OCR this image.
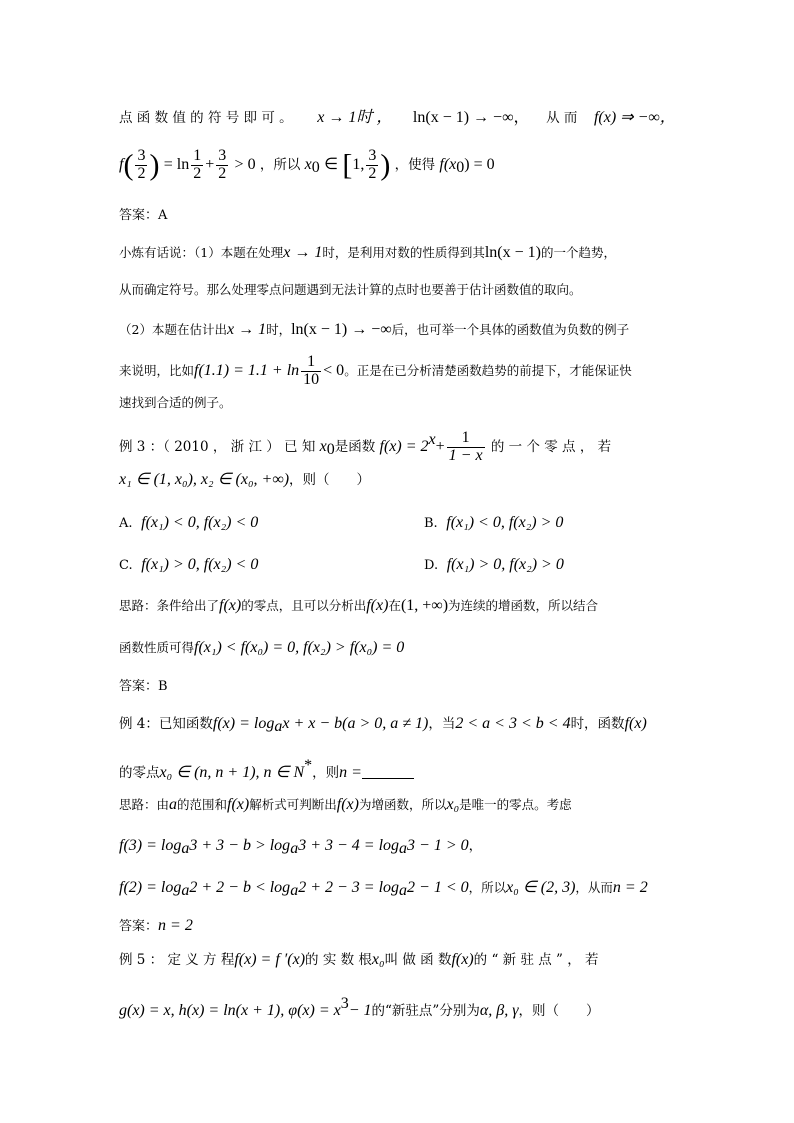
点 函 数 值 的 符 号 即 可 。 x → 1时 ， ln(x − 1) → −∞， 从 而 f(x) ⇒ −∞，
$f( \frac{3}{2}$ ) = $\ln \frac{1}{2} + \frac{3}{2} > 0$ ，所以 $x_0$ ∈ [1, $\frac{3}{2}$ ) ，使得 $f(x_0) = 0$
答案：A
小炼有话说：（1）本题在处理x → 1时，是利用对数的性质得到其ln(x − 1)的一个趋势，
从而确定符号。那么处理零点问题遇到无法计算的点时也要善于估计函数值的取向。
（2）本题在估计出x → 1时，ln(x − 1) → −∞后，也可举一个具体的函数值为负数的例子
来说明，比如$f(1.1) = 1.1 + \ln \frac{1}{10} < 0$。正是在已分析清楚函数趋势的前提下，才能保证快
速找到合适的例子。
例 3 ：（ 2010 ， 浙 江 ） 已 知 $x_0$是函数 $f(x) = 2^x+ \frac{1}{1 - x}$ 的 一 个 零 点 ， 若
x₁ ∈ (1, x₀), x₂ ∈ (x₀, +∞)，则（　　）
A. f(x₁) < 0, f(x₂) < 0	B. f(x₁) < 0, f(x₂) > 0
C. f(x₁) > 0, f(x₂) < 0	D. f(x₁) > 0, f(x₂) > 0
思路：条件给出了f(x)的零点，且可以分析出f(x)在(1, +∞)为连续的增函数，所以结合
函数性质可得f(x₁) < f(x₀) = 0, f(x₂) > f(x₀) = 0
答案：B
例 4：已知函数$f(x) = \log_ax + x - b(a > 0$, a ≠ 1)，当2 < a < 3 < b < 4时，函数f(x)
的零点x₀ ∈ (n, n + 1), n ∈ N*，则n =
思路：由a的范围和f(x)解析式可判断出f(x)为增函数，所以x₀是唯一的零点。考虑
$f(3) = \log_a3 + 3 - b > \log_a3 + 3 - 4 = \log_a3 - 1 > 0$，
$f(2) = \log_a2 + 2 - b < \log_a2 + 2 - 3 = \log_a2 - 1 < 0$，所以x₀ ∈ (2, 3)，从而n = 2
答案：n = 2
例 5 ： 定 义 方 程f(x) = f ′(x)的 实 数 根x₀叫 做 函 数f(x)的 “ 新 驻 点 ” ， 若
g(x) = x, h(x) = ln(x + 1), $\varphi(x) = x^3- 1$的“新驻点”分别为α, β, γ，则（　　）
